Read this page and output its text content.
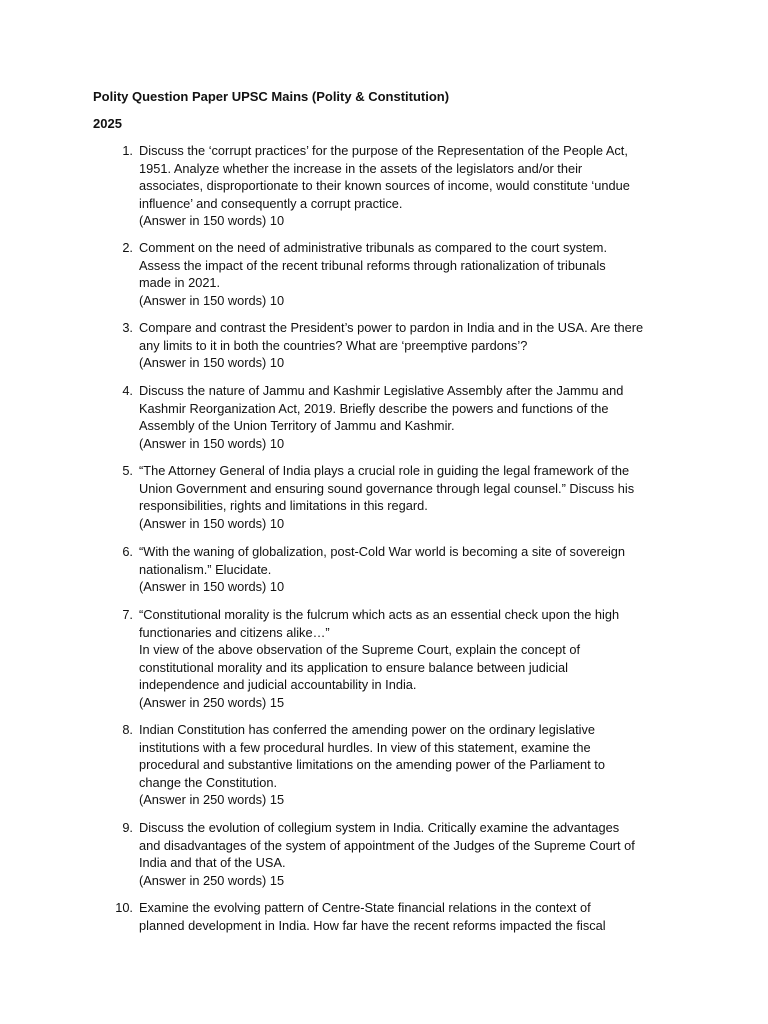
Polity Question Paper UPSC Mains (Polity & Constitution)
2025
1. Discuss the ‘corrupt practices’ for the purpose of the Representation of the People Act,
1951. Analyze whether the increase in the assets of the legislators and/or their
associates, disproportionate to their known sources of income, would constitute ‘undue
influence’ and consequently a corrupt practice.
(Answer in 150 words) 10
2. Comment on the need of administrative tribunals as compared to the court system.
Assess the impact of the recent tribunal reforms through rationalization of tribunals
made in 2021.
(Answer in 150 words) 10
3. Compare and contrast the President’s power to pardon in India and in the USA. Are there
any limits to it in both the countries? What are ‘preemptive pardons’?
(Answer in 150 words) 10
4. Discuss the nature of Jammu and Kashmir Legislative Assembly after the Jammu and
Kashmir Reorganization Act, 2019. Briefly describe the powers and functions of the
Assembly of the Union Territory of Jammu and Kashmir.
(Answer in 150 words) 10
5. “The Attorney General of India plays a crucial role in guiding the legal framework of the
Union Government and ensuring sound governance through legal counsel.” Discuss his
responsibilities, rights and limitations in this regard.
(Answer in 150 words) 10
6. “With the waning of globalization, post-Cold War world is becoming a site of sovereign
nationalism.” Elucidate.
(Answer in 150 words) 10
7. “Constitutional morality is the fulcrum which acts as an essential check upon the high
functionaries and citizens alike…”
In view of the above observation of the Supreme Court, explain the concept of
constitutional morality and its application to ensure balance between judicial
independence and judicial accountability in India.
(Answer in 250 words) 15
8. Indian Constitution has conferred the amending power on the ordinary legislative
institutions with a few procedural hurdles. In view of this statement, examine the
procedural and substantive limitations on the amending power of the Parliament to
change the Constitution.
(Answer in 250 words) 15
9. Discuss the evolution of collegium system in India. Critically examine the advantages
and disadvantages of the system of appointment of the Judges of the Supreme Court of
India and that of the USA.
(Answer in 250 words) 15
10. Examine the evolving pattern of Centre-State financial relations in the context of
planned development in India. How far have the recent reforms impacted the fiscal
